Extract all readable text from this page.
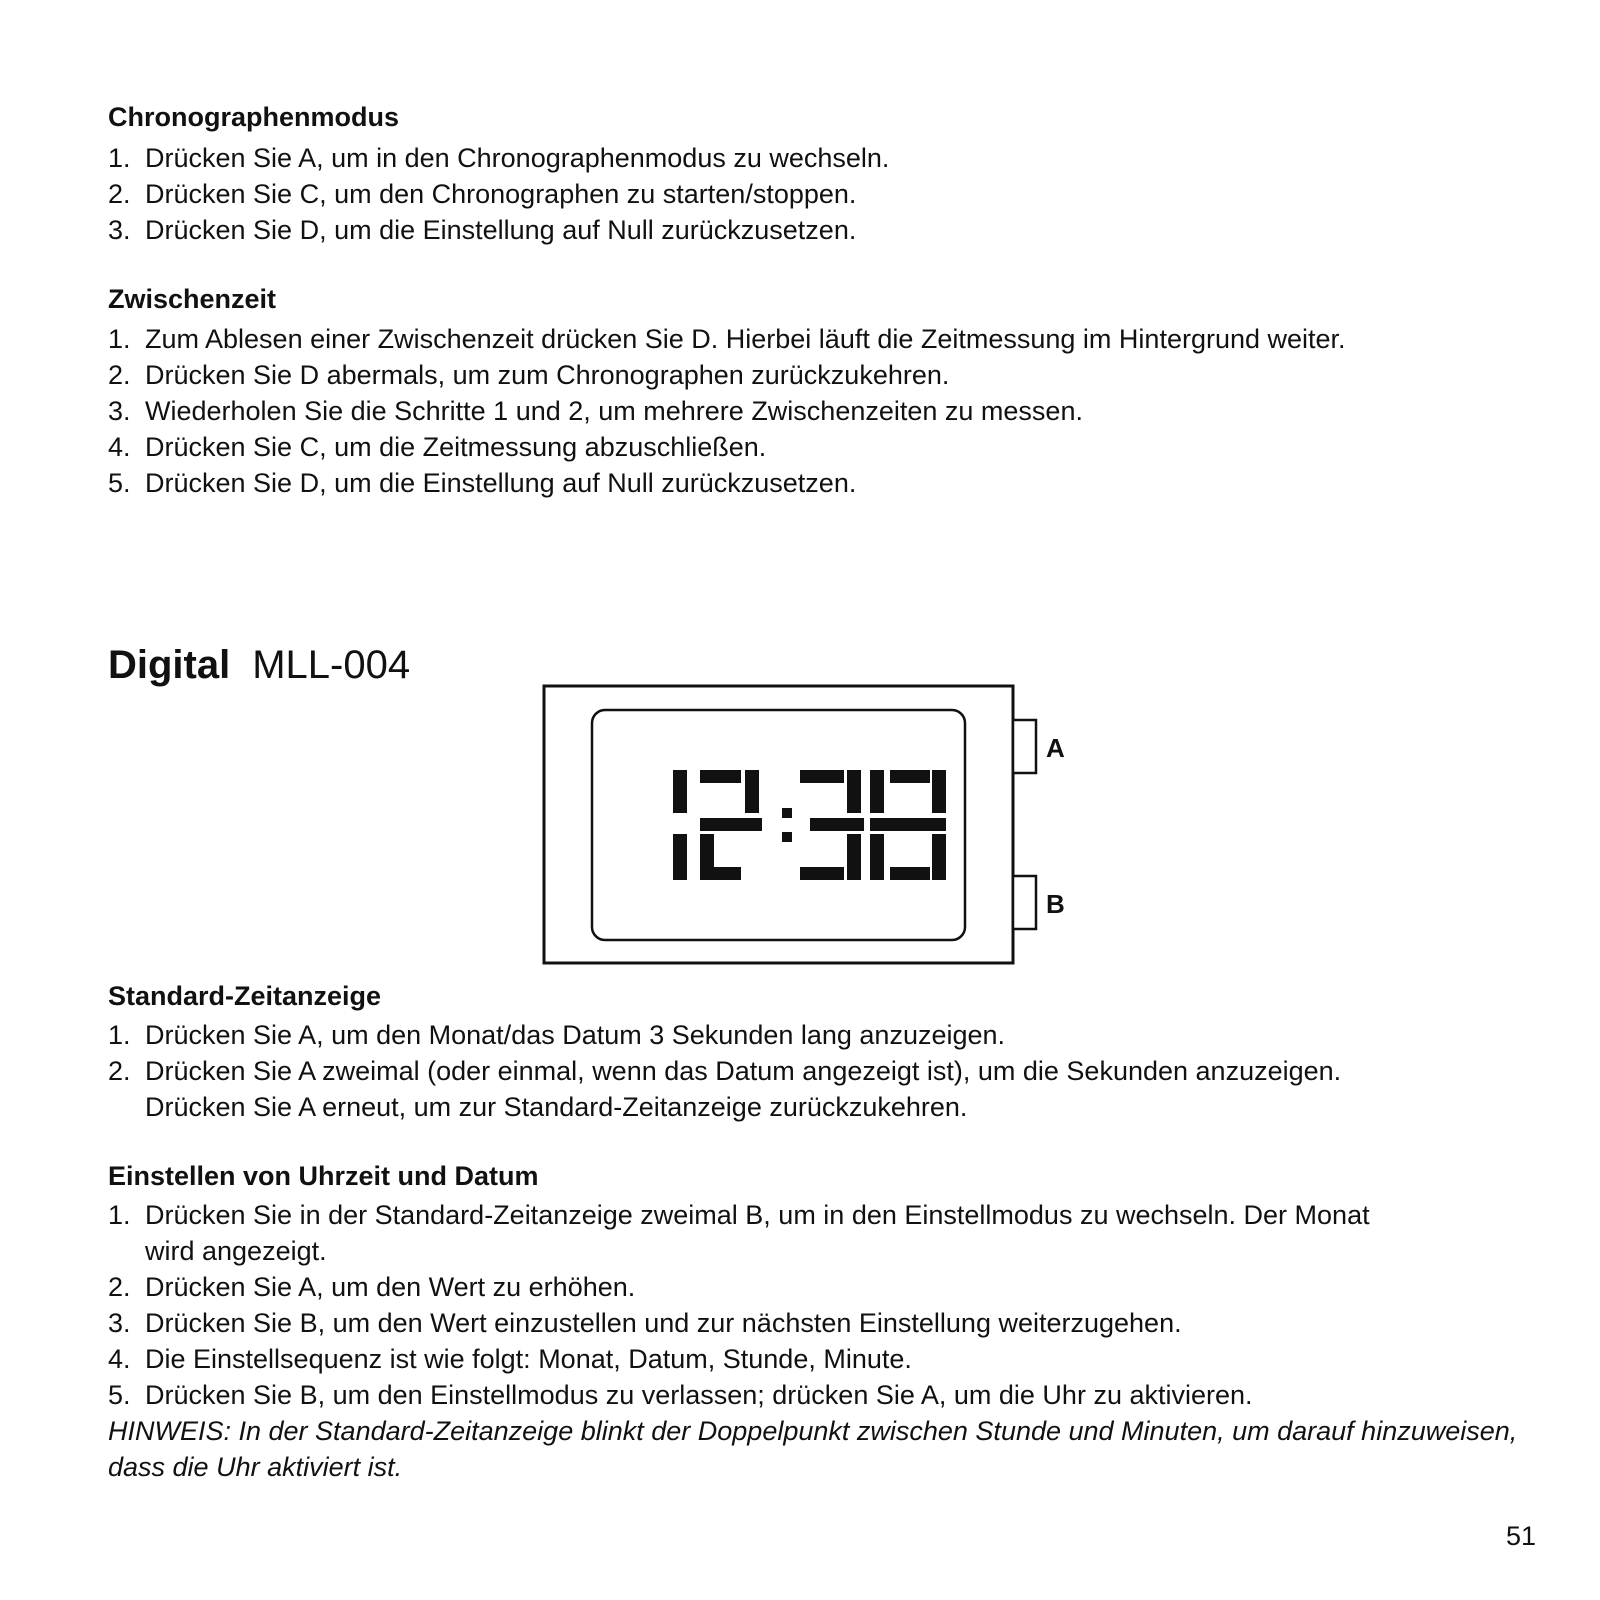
Chronographenmodus
1. Drücken Sie A, um in den Chronographenmodus zu wechseln.
2. Drücken Sie C, um den Chronographen zu starten/stoppen.
3. Drücken Sie D, um die Einstellung auf Null zurückzusetzen.
Zwischenzeit
1. Zum Ablesen einer Zwischenzeit drücken Sie D. Hierbei läuft die Zeitmessung im Hintergrund weiter.
2. Drücken Sie D abermals, um zum Chronographen zurückzukehren.
3. Wiederholen Sie die Schritte 1 und 2, um mehrere Zwischenzeiten zu messen.
4. Drücken Sie C, um die Zeitmessung abzuschließen.
5. Drücken Sie D, um die Einstellung auf Null zurückzusetzen.
Digital MLL-004
A
B
Standard-Zeitanzeige
1. Drücken Sie A, um den Monat/das Datum 3 Sekunden lang anzuzeigen.
2. Drücken Sie A zweimal (oder einmal, wenn das Datum angezeigt ist), um die Sekunden anzuzeigen.
Drücken Sie A erneut, um zur Standard-Zeitanzeige zurückzukehren.
Einstellen von Uhrzeit und Datum
1. Drücken Sie in der Standard-Zeitanzeige zweimal B, um in den Einstellmodus zu wechseln. Der Monat
wird angezeigt.
2. Drücken Sie A, um den Wert zu erhöhen.
3. Drücken Sie B, um den Wert einzustellen und zur nächsten Einstellung weiterzugehen.
4. Die Einstellsequenz ist wie folgt: Monat, Datum, Stunde, Minute.
5. Drücken Sie B, um den Einstellmodus zu verlassen; drücken Sie A, um die Uhr zu aktivieren.
HINWEIS: In der Standard-Zeitanzeige blinkt der Doppelpunkt zwischen Stunde und Minuten, um darauf hinzuweisen, dass die Uhr aktiviert ist.
51
